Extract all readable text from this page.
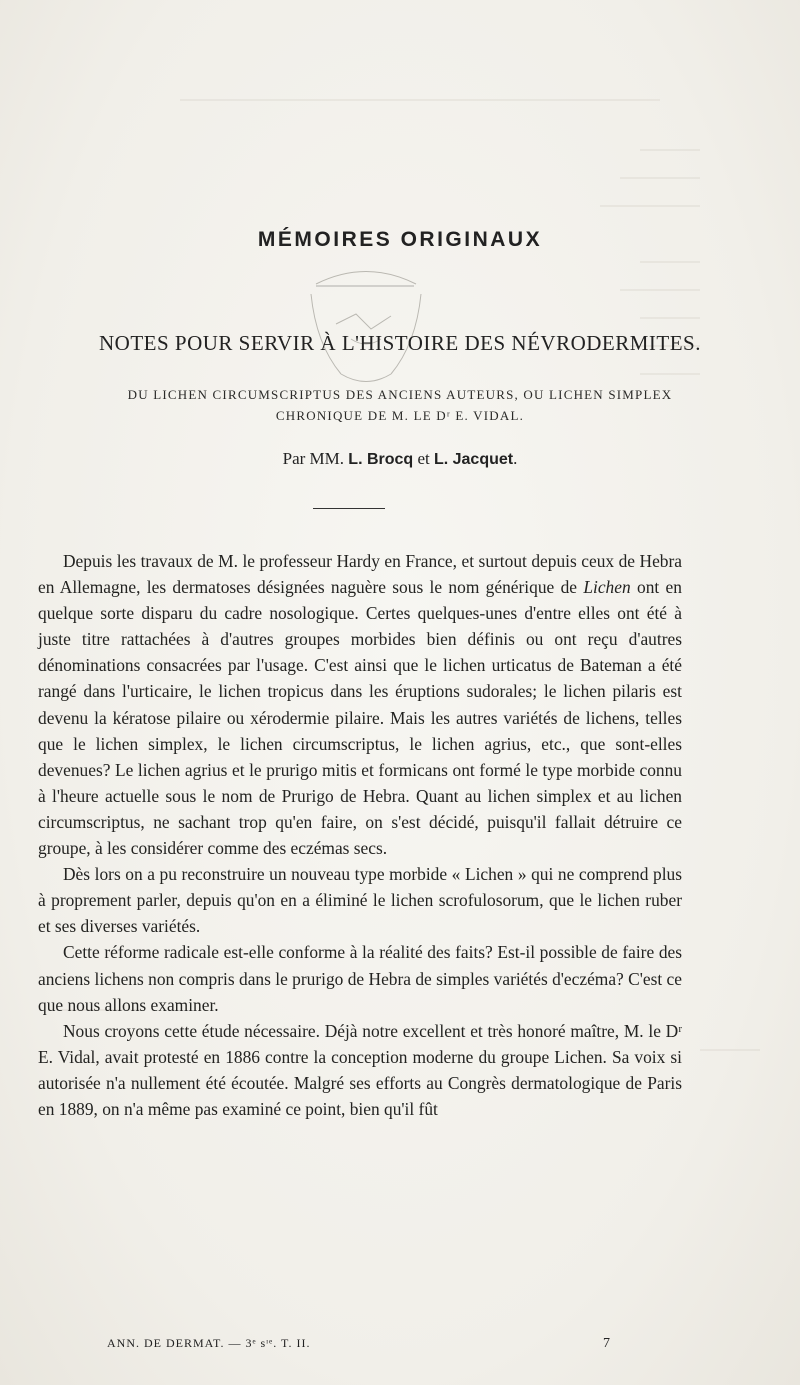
MÉMOIRES ORIGINAUX
NOTES POUR SERVIR À L'HISTOIRE DES NÉVRODERMITES.
DU LICHEN CIRCUMSCRIPTUS DES ANCIENS AUTEURS, OU LICHEN SIMPLEX
CHRONIQUE DE M. LE Dʳ E. VIDAL.
Par MM. L. Brocq et L. Jacquet.

Depuis les travaux de M. le professeur Hardy en France, et surtout depuis ceux de Hebra en Allemagne, les dermatoses désignées naguère sous le nom générique de Lichen ont en quelque sorte disparu du cadre nosologique. Certes quelques-unes d'entre elles ont été à juste titre rattachées à d'autres groupes morbides bien définis ou ont reçu d'autres dénominations consacrées par l'usage. C'est ainsi que le lichen urticatus de Bateman a été rangé dans l'urticaire, le lichen tropicus dans les éruptions sudorales; le lichen pilaris est devenu la kératose pilaire ou xérodermie pilaire. Mais les autres variétés de lichens, telles que le lichen simplex, le lichen circumscriptus, le lichen agrius, etc., que sont-elles devenues? Le lichen agrius et le prurigo mitis et formicans ont formé le type morbide connu à l'heure actuelle sous le nom de Prurigo de Hebra. Quant au lichen simplex et au lichen circumscriptus, ne sachant trop qu'en faire, on s'est décidé, puisqu'il fallait détruire ce groupe, à les considérer comme des eczémas secs.

Dès lors on a pu reconstruire un nouveau type morbide « Lichen » qui ne comprend plus à proprement parler, depuis qu'on en a éliminé le lichen scrofulosorum, que le lichen ruber et ses diverses variétés.

Cette réforme radicale est-elle conforme à la réalité des faits? Est-il possible de faire des anciens lichens non compris dans le prurigo de Hebra de simples variétés d'eczéma? C'est ce que nous allons examiner.

Nous croyons cette étude nécessaire. Déjà notre excellent et très honoré maître, M. le Dʳ E. Vidal, avait protesté en 1886 contre la conception moderne du groupe Lichen. Sa voix si autorisée n'a nullement été écoutée. Malgré ses efforts au Congrès dermatologique de Paris en 1889, on n'a même pas examiné ce point, bien qu'il fût

ANN. DE DERMAT. — 3ᵉ sᶦᵉ. T. II.	7
